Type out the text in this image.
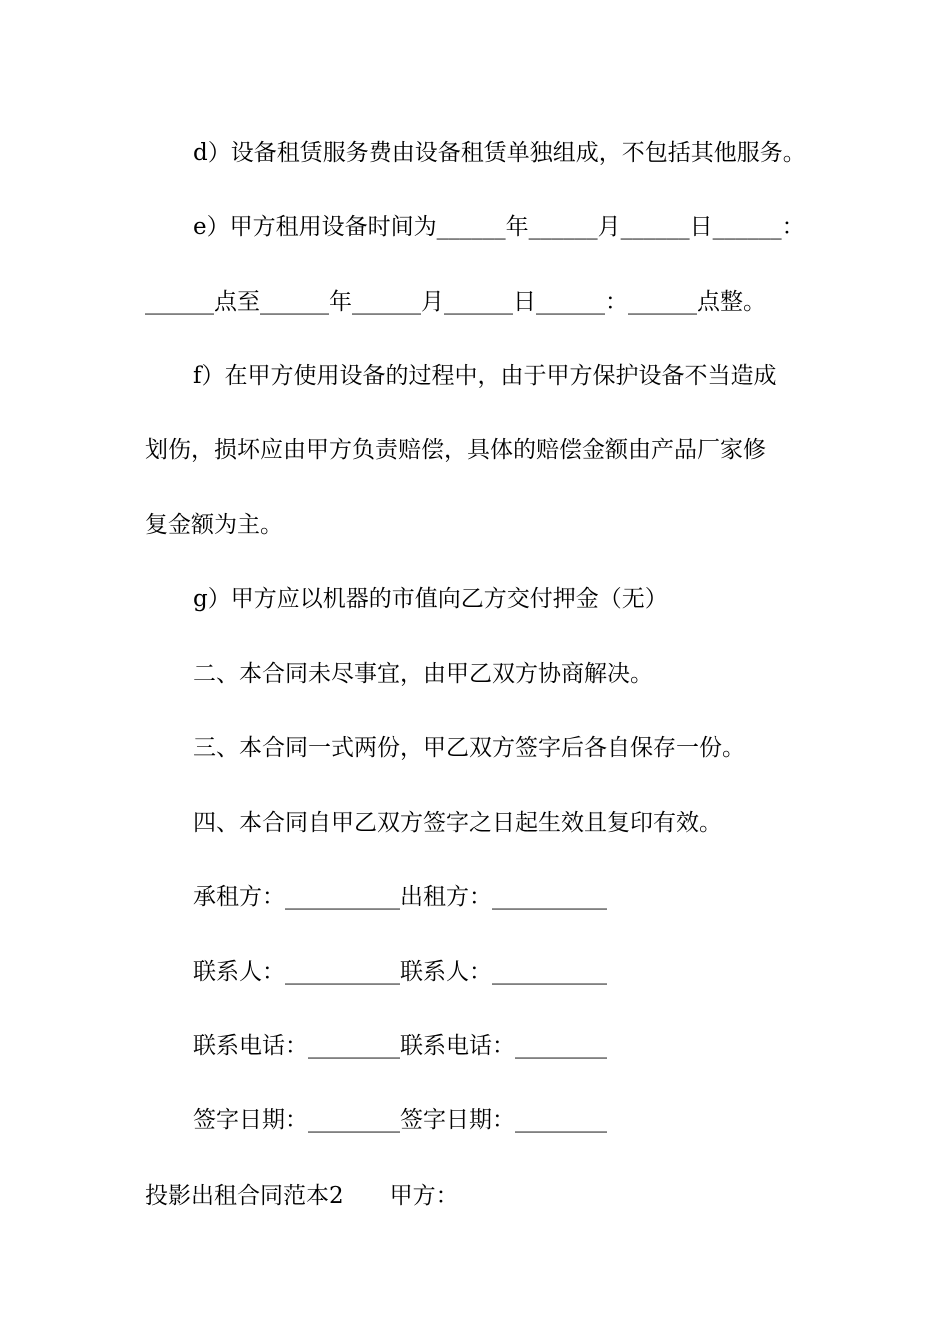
d）设备租赁服务费由设备租赁单独组成，不包括其他服务。
e）甲方租用设备时间为______年______月______日______：
______点至______年______月______日______：______点整。
f）在甲方使用设备的过程中，由于甲方保护设备不当造成
划伤，损坏应由甲方负责赔偿，具体的赔偿金额由产品厂家修
复金额为主。
g）甲方应以机器的市值向乙方交付押金（无）
二、本合同未尽事宜，由甲乙双方协商解决。
三、本合同一式两份，甲乙双方签字后各自保存一份。
四、本合同自甲乙双方签字之日起生效且复印有效。
承租方：__________出租方：__________
联系人：__________联系人：__________
联系电话：________联系电话：________
签字日期：________签字日期：________
投影出租合同范本2　　甲方：
